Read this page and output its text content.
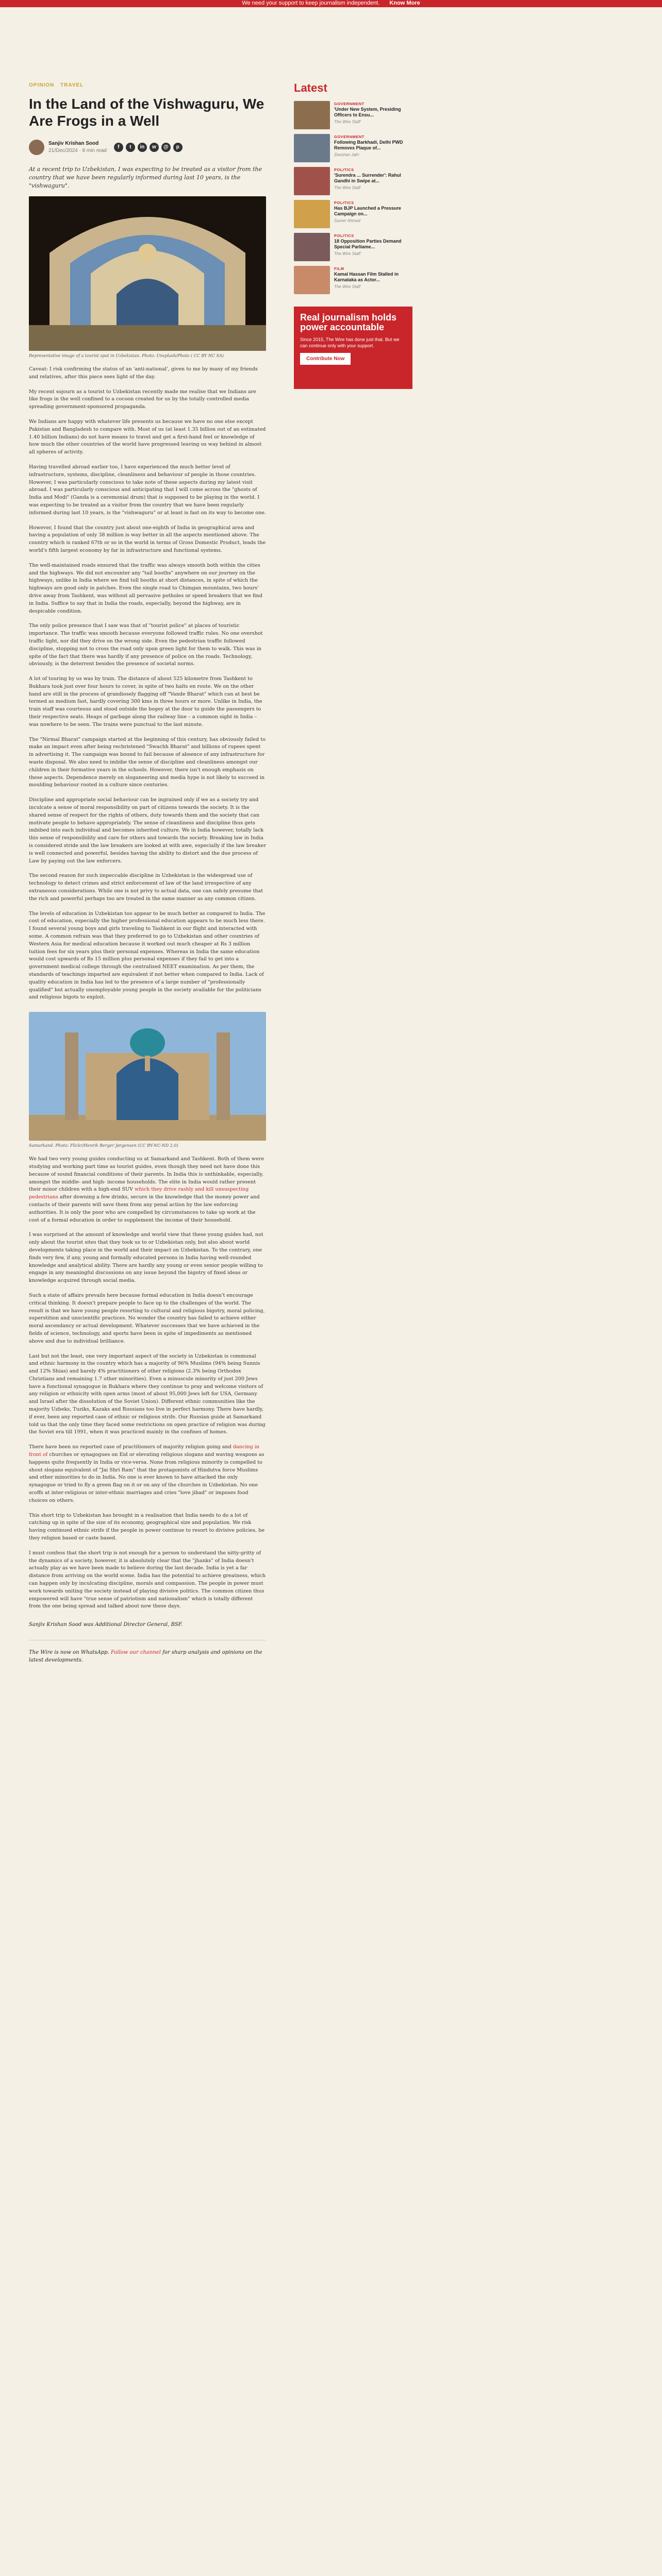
We need your support to keep journalism independent. Know More
OPINION TRAVEL
In the Land of the Vishwaguru, We Are Frogs in a Well
Sanjiv Krishan Sood
21/Dec/2024 · 8 min read
f	t	in	w	@	p

At a recent trip to Uzbekistan, I was expecting to be treated as a visitor from the country that we have been regularly informed during last 10 years, is the "vishwaguru".

Representative image of a tourist spot in Uzbekistan. Photo: Unsplash/Photo ( CC BY NC SA)

Caveat: I risk confirming the status of an 'anti-national', given to me by many of my friends and relatives, after this piece sees light of the day.

My recent sojourn as a tourist to Uzbekistan recently made me realise that we Indians are like frogs in the well confined to a cocoon created for us by the totally controlled media spreading government-sponsored propaganda.

We Indians are happy with whatever life presents us because we have no one else except Pakistan and Bangladesh to compare with. Most of us (at least 1.35 billion out of an estimated 1.40 billion Indians) do not have means to travel and get a first-hand feel or knowledge of how much the other countries of the world have progressed leaving us way behind in almost all spheres of activity.

Having travelled abroad earlier too, I have experienced the much better level of infrastructure, systems, discipline, cleanliness and behaviour of people in those countries. However, I was particularly conscious to take note of these aspects during my latest visit abroad. I was particularly conscious and anticipating that I will come across the "ghosts of India and Modi" (Ganda is a ceremonial drum) that is supposed to be playing in the world. I was expecting to be treated as a visitor from the country that we have been regularly informed during last 10 years, is the "vishwaguru" or at least is fast on its way to become one.

However, I found that the country just about one-eighth of India in geographical area and having a population of only 38 million is way better in all the aspects mentioned above. The country which is ranked 67th or so in the world in terms of Gross Domestic Product, leads the world's fifth largest economy by far in infrastructure and functional systems.

The well-maintained roads ensured that the traffic was always smooth both within the cities and the highways. We did not encounter any "tail booths" anywhere on our journey on the highways, unlike in India where we find toll booths at short distances, in spite of which the highways are good only in patches. Even the single road to Chimgan mountains, two hours' drive away from Tashkent, was without all pervasive potholes or speed breakers that we find in India. Suffice to say that in India the roads, especially, beyond the highway, are in despicable condition.

The only police presence that I saw was that of "tourist police" at places of touristic importance. The traffic was smooth because everyone followed traffic rules. No one overshot traffic light, nor did they drive on the wrong side. Even the pedestrian traffic followed discipline, stopping not to cross the road only upon green light for them to walk. This was in spite of the fact that there was hardly if any presence of police on the roads. Technology, obviously, is the deterrent besides the presence of societal norms.

A lot of touring by us was by train. The distance of about 525 kilometre from Tashkent to Bukhara took just over four hours to cover, in spite of two halts en route. We on the other hand are still in the process of grandiosely flagging off "Vande Bharat" which can at best be termed as medium fast, hardly covering 300 kms in three hours or more. Unlike in India, the train staff was courteous and stood outside the bogey at the door to guide the passengers to their respective seats. Heaps of garbage along the railway line – a common sight in India – was nowhere to be seen. The trains were punctual to the last minute.

The "Nirmal Bharat" campaign started at the beginning of this century, has obviously failed to make an impact even after being rechristened "Swachh Bharat" and billions of rupees spent in advertising it. The campaign was bound to fail because of absence of any infrastructure for waste disposal. We also need to imbibe the sense of discipline and cleanliness amongst our children in their formative years in the schools. However, there isn't enough emphasis on these aspects. Dependence merely on sloganeering and media hype is not likely to succeed in moulding behaviour rooted in a culture since centuries.

Discipline and appropriate social behaviour can be ingrained only if we as a society try and inculcate a sense of moral responsibility on part of citizens towards the society. It is the shared sense of respect for the rights of others, duty towards them and the society that can motivate people to behave appropriately. The sense of cleanliness and discipline thus gets imbibed into each individual and becomes inherited culture. We in India however, totally lack this sense of responsibility and care for others and towards the society. Breaking law in India is considered stride and the law breakers are looked at with awe, especially if the law breaker is well connected and powerful, besides having the ability to distort and the due process of Law by paying out the law enforcers.

The second reason for such impeccable discipline in Uzbekistan is the widespread use of technology to detect crimes and strict enforcement of law of the land irrespective of any extraneous considerations. While one is not privy to actual data, one can safely presume that the rich and powerful perhaps too are treated in the same manner as any common citizen.

The levels of education in Uzbekistan too appear to be much better as compared to India. The cost of education, especially the higher professional education appears to be much less there. I found several young boys and girls traveling to Tashkent in our flight and interacted with some. A common refrain was that they preferred to go to Uzbekistan and other countries of Western Asia for medical education because it worked out much cheaper at Rs 3 million tuition fees for six years plus their personal expenses. Whereas in India the same education would cost upwards of Rs 15 million plus personal expenses if they fail to get into a government medical college through the centralised NEET examination. As per them, the standards of teachings imparted are equivalent if not better when compared to India. Lack of quality education in India has led to the presence of a large number of "professionally qualified" but actually unemployable young people in the society available for the politicians and religious bigots to exploit.

Samarkand. Photo: Flickr/Henrik Berger Jørgensen (CC BY-NC-ND 2.0)

We had two very young guides conducting us at Samarkand and Tashkent. Both of them were studying and working part time as tourist guides, even though they need not have done this because of sound financial conditions of their parents. In India this is unthinkable, especially, amongst the middle- and high- income households. The elite in India would rather present their minor children with a high-end SUV which they drive rashly and kill unsuspecting pedestrians after downing a few drinks, secure in the knowledge that the money power and contacts of their parents will save them from any penal action by the law enforcing authorities. It is only the poor who are compelled by circumstances to take up work at the cost of a formal education in order to supplement the income of their household.

I was surprised at the amount of knowledge and world view that these young guides had, not only about the tourist sites that they took us to or Uzbekistan only, but also about world developments taking place in the world and their impact on Uzbekistan. To the contrary, one finds very few, if any, young and formally educated persons in India having well-rounded knowledge and analytical ability. There are hardly any young or even senior people willing to engage in any meaningful discussions on any issue beyond the bigotry of fixed ideas or knowledge acquired through social media.

Such a state of affairs prevails here because formal education in India doesn't encourage critical thinking. It doesn't prepare people to face up to the challenges of the world. The result is that we have young people resorting to cultural and religious bigotry, moral policing, superstition and unscientific practices. No wonder the country has failed to achieve either moral ascendancy or actual development. Whatever successes that we have achieved in the fields of science, technology, and sports have been in spite of impediments as mentioned above and due to individual brilliance.

Last but not the least, one very important aspect of the society in Uzbekistan is communal and ethnic harmony in the country which has a majority of 96% Muslims (94% being Sunnis and 12% Shias) and barely 4% practitioners of other religions (2.3% being Orthodox Christians and remaining 1.7 other minorities). Even a minuscule minority of just 200 Jews have a functional synagogue in Bukhara where they continue to pray and welcome visitors of any religion or ethnicity with open arms (most of about 95,000 Jews left for USA, Germany and Israel after the dissolution of the Soviet Union). Different ethnic communities like the majority Uzbeks, Tuziks, Kazaks and Russians too live in perfect harmony. There have hardly, if ever, been any reported case of ethnic or religious strife. Our Russian guide at Samarkand told us that the only time they faced some restrictions on open practice of religion was during the Soviet era till 1991, when it was practiced mainly in the confines of homes.

There have been no reported case of practitioners of majority religion going and dancing in front of churches or synagogues on Eid or elevating religious slogans and waving weapons as happens quite frequently in India or vice-versa. None from religious minority is compelled to shout slogans equivalent of "Jai Shri Ram" that the protagonists of Hindutva force Muslims and other minorities to do in India. No one is ever known to have attacked the only synagogue or tried to fly a green flag on it or on any of the churches in Uzbekistan. No one scoffs at inter-religious or inter-ethnic marriages and cries "love jihad" or imposes food choices on others.

This short trip to Uzbekistan has brought in a realisation that India needs to do a lot of catching up in spite of the size of its economy, geographical size and population. We risk having continued ethnic strife if the people in power continue to resort to divisive policies, be they religion based or caste based.

I must confess that the short trip is not enough for a person to understand the nitty-gritty of the dynamics of a society, however, it is absolutely clear that the "jhanks" of India doesn't actually play as we have been made to believe during the last decade. India is yet a far distance from arriving on the world scene. India has the potential to achieve greatness, which can happen only by inculcating discipline, morals and compassion. The people in power must work towards uniting the society instead of playing divisive politics. The common citizen thus empowered will have "true sense of patriotism and nationalism" which is totally different from the one being spread and talked about now these days.

Sanjiv Krishan Sood was Additional Director General, BSF.

The Wire is now on WhatsApp. Follow our channel for sharp analysis and opinions on the latest developments.

Latest
GOVERNMENT
'Under New System, Presiding Officers to Ensu...
The Wire Staff
GOVERNMENT
Following Barkhadi, Delhi PWD Removes Plaque of...
Zeeshan Jafri
POLITICS
'Surendra ... Surrender': Rahul Gandhi in Swipe at...
The Wire Staff
POLITICS
Has BJP Launched a Pressure Campaign on...
Sumer Ahmed
POLITICS
18 Opposition Parties Demand Special Parliame...
The Wire Staff
FILM
Kamal Hassan Film Stalled in Karnataka as Actor...
The Wire Staff
Real journalism holds power accountable
Since 2015, The Wire has done just that. But we can continue only with your support.
Contribute Now
